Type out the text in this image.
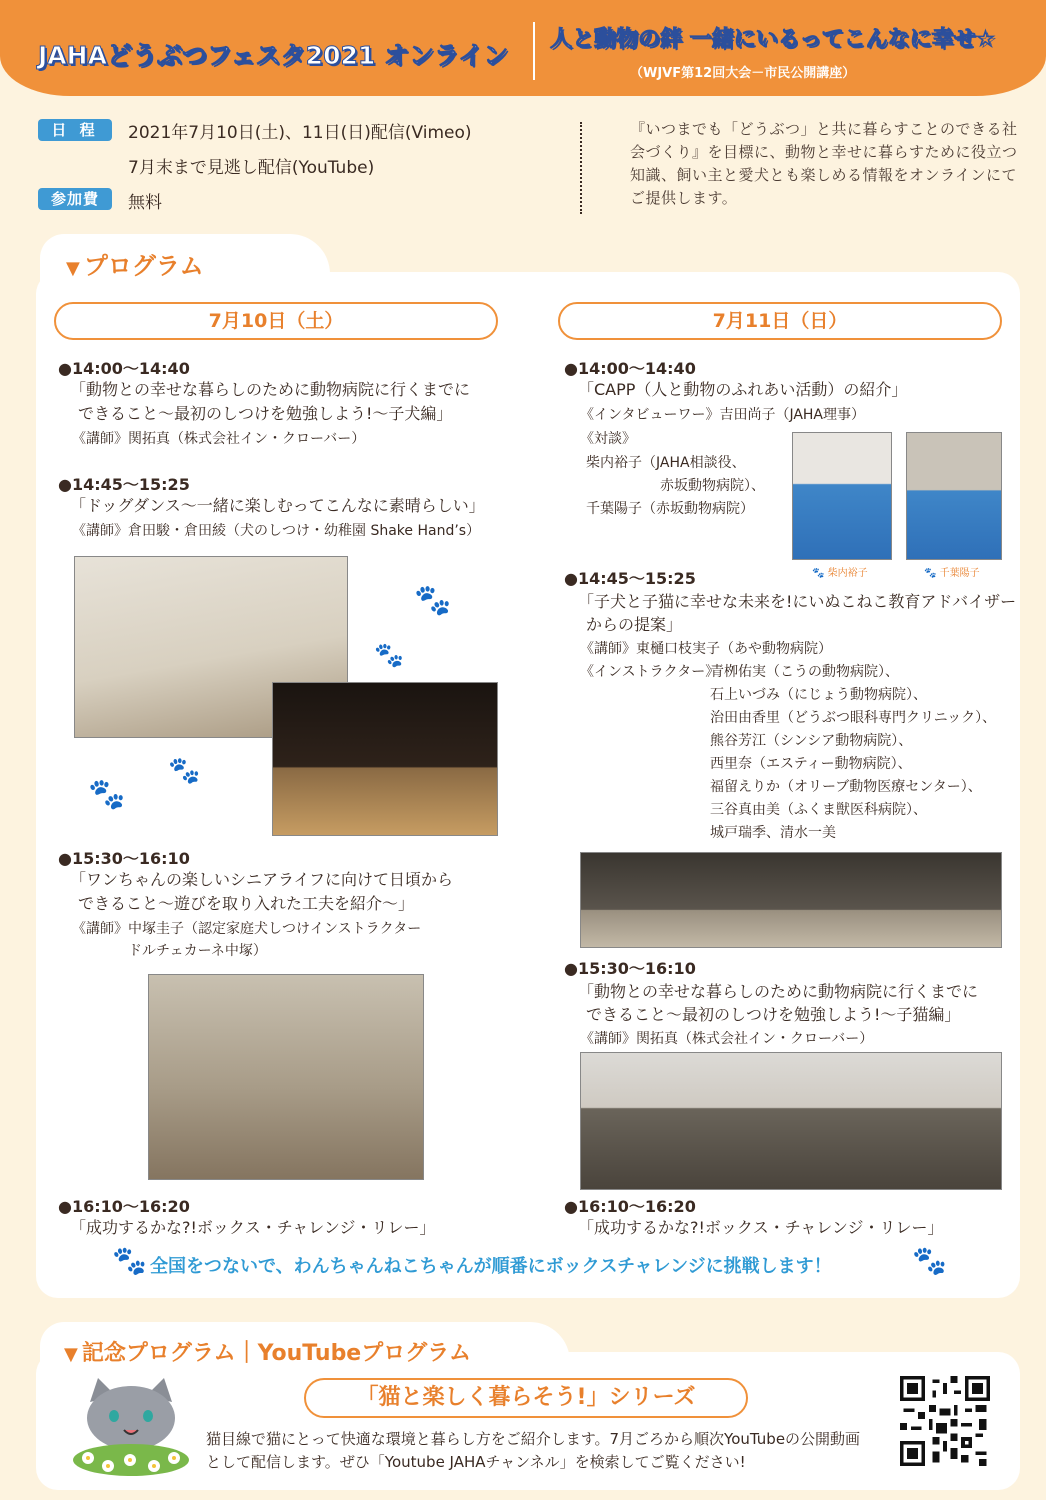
JAHAどうぶつフェスタ2021 オンライン
人と動物の絆 一緒にいるってこんなに幸せ☆
（WJVF第12回大会－市民公開講座）
日 程	2021年7月10日(土)、11日(日)配信(Vimeo)
7月末まで見逃し配信(YouTube)
参加費	無料
『いつまでも「どうぶつ」と共に暮らすことのできる社会づくり』を目標に、動物と幸せに暮らすために役立つ知識、飼い主と愛犬とも楽しめる情報をオンラインにてご提供します。
▼ プログラム
7月10日（土）	7月11日（日）
●14:00～14:40
「動物との幸せな暮らしのために動物病院に行くまでに
できること～最初のしつけを勉強しよう!～子犬編」
《講師》関拓真（株式会社イン・クローバー）
●14:45～15:25
「ドッグダンス～一緒に楽しむってこんなに素晴らしい」
《講師》倉田駿・倉田綾（犬のしつけ・幼稚園 Shake Hand’s）
🐾
🐾
🐾
🐾
●15:30～16:10
「ワンちゃんの楽しいシニアライフに向けて日頃から
できること～遊びを取り入れた工夫を紹介～」
《講師》中塚圭子（認定家庭犬しつけインストラクター
ドルチェカーネ中塚）
●16:10～16:20
「成功するかな?!ボックス・チャレンジ・リレー」
●14:00～14:40
「CAPP（人と動物のふれあい活動）の紹介」
《インタビューワー》吉田尚子（JAHA理事）
《対談》
柴内裕子（JAHA相談役、
赤坂動物病院）、
千葉陽子（赤坂動物病院）
🐾 柴内裕子	🐾 千葉陽子
●14:45～15:25
「子犬と子猫に幸せな未来を!にいぬこねこ教育アドバイザー
からの提案」
《講師》東樋口枝実子（あや動物病院）
《インストラクター》
青栁佑実（こうの動物病院）、
石上いづみ（にじょう動物病院）、
治田由香里（どうぶつ眼科専門クリニック）、
熊谷芳江（シンシア動物病院）、
西里奈（エスティー動物病院）、
福留えりか（オリーブ動物医療センター）、
三谷真由美（ふくま獣医科病院）、
城戸瑞季、清水一美
●15:30～16:10
「動物との幸せな暮らしのために動物病院に行くまでに
できること～最初のしつけを勉強しよう!～子猫編」
《講師》関拓真（株式会社イン・クローバー）
●16:10～16:20
「成功するかな?!ボックス・チャレンジ・リレー」
🐾 全国をつないで、わんちゃんねこちゃんが順番にボックスチャレンジに挑戦します！	🐾
▼ 記念プログラム｜YouTubeプログラム
「猫と楽しく暮らそう!」シリーズ
猫目線で猫にとって快適な環境と暮らし方をご紹介します。7月ごろから順次YouTubeの公開動画として配信します。ぜひ「Youtube JAHAチャンネル」を検索してご覧ください!
